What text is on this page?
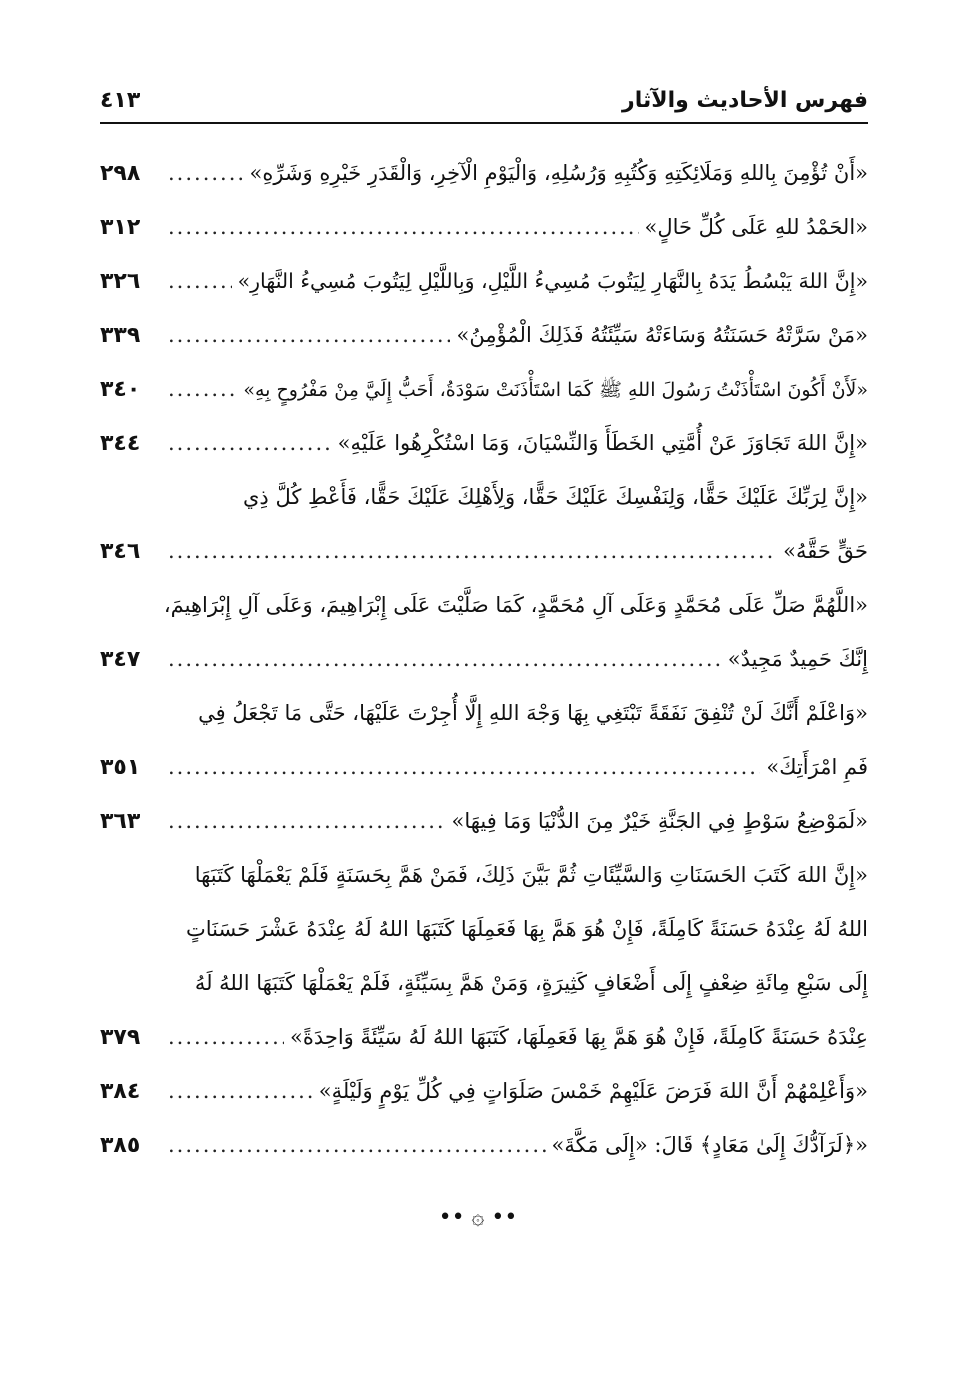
فهرس الأحاديث والآثار
٤١٣
«أَنْ تُؤْمِنَ بِاللهِ وَمَلَائِكَتِهِ وَكُتُبِهِ وَرُسُلِهِ، وَالْيَوْمِ الْآخِرِ، وَالْقَدَرِ خَيْرِهِ وَشَرِّهِ»
.....
٢٩٨
«الحَمْدُ للهِ عَلَى كُلِّ حَالٍ»
.....
٣١٢
«إِنَّ اللهَ يَبْسُطُ يَدَهُ بِالنَّهَارِ لِيَتُوبَ مُسِيءُ اللَّيْلِ، وَبِاللَّيْلِ لِيَتُوبَ مُسِيءُ النَّهَارِ»
.....
٣٢٦
«مَنْ سَرَّتْهُ حَسَنَتُهُ وَسَاءَتْهُ سَيِّئَتُهُ فَذَلِكَ الْمُؤْمِنُ»
.....
٣٣٩
«لَأَنْ أَكُونَ اسْتَأْذَنْتُ رَسُولَ اللهِ ﷺ كَمَا اسْتَأْذَنَتْ سَوْدَةُ، أَحَبُّ إِلَيَّ مِنْ مَفْرُوحٍ بِهِ»
.....
٣٤٠
«إِنَّ اللهَ تَجَاوَزَ عَنْ أُمَّتِي الخَطَأَ وَالنِّسْيَانَ، وَمَا اسْتُكْرِهُوا عَلَيْهِ»
.....
٣٤٤
«إِنَّ لِرَبِّكَ عَلَيْكَ حَقًّا، وَلِنَفْسِكَ عَلَيْكَ حَقًّا، وَلِأَهْلِكَ عَلَيْكَ حَقًّا، فَأَعْطِ كُلَّ ذِي
حَقٍّ حَقَّهُ»
.....
٣٤٦
«اللَّهُمَّ صَلِّ عَلَى مُحَمَّدٍ وَعَلَى آلِ مُحَمَّدٍ، كَمَا صَلَّيْتَ عَلَى إِبْرَاهِيمَ، وَعَلَى آلِ إِبْرَاهِيمَ،
إِنَّكَ حَمِيدٌ مَجِيدٌ»
.....
٣٤٧
«وَاعْلَمْ أَنَّكَ لَنْ تُنْفِقَ نَفَقَةً تَبْتَغِي بِهَا وَجْهَ اللهِ إِلَّا أُجِرْتَ عَلَيْهَا، حَتَّى مَا تَجْعَلُ فِي
فَمِ امْرَأَتِكَ»
.....
٣٥١
«لَمَوْضِعُ سَوْطٍ فِي الجَنَّةِ خَيْرٌ مِنَ الدُّنْيَا وَمَا فِيهَا»
.....
٣٦٣
«إِنَّ اللهَ كَتَبَ الحَسَنَاتِ وَالسَّيِّئَاتِ ثُمَّ بَيَّنَ ذَلِكَ، فَمَنْ هَمَّ بِحَسَنَةٍ فَلَمْ يَعْمَلْهَا كَتَبَهَا
اللهُ لَهُ عِنْدَهُ حَسَنَةً كَامِلَةً، فَإِنْ هُوَ هَمَّ بِهَا فَعَمِلَهَا كَتَبَهَا اللهُ لَهُ عِنْدَهُ عَشْرَ حَسَنَاتٍ
إِلَى سَبْعِ مِائَةِ ضِعْفٍ إِلَى أَضْعَافٍ كَثِيرَةٍ، وَمَنْ هَمَّ بِسَيِّئَةٍ، فَلَمْ يَعْمَلْهَا كَتَبَهَا اللهُ لَهُ
عِنْدَهُ حَسَنَةً كَامِلَةً، فَإِنْ هُوَ هَمَّ بِهَا فَعَمِلَهَا، كَتَبَهَا اللهُ لَهُ سَيِّئَةً وَاحِدَةً»
.....
٣٧٩
«وَأَعْلِمْهُمْ أَنَّ اللهَ فَرَضَ عَلَيْهِمْ خَمْسَ صَلَوَاتٍ فِي كُلِّ يَوْمٍ وَلَيْلَةٍ»
.....
٣٨٤
«﴿لَرَآدُّكَ إِلَىٰ مَعَادٍ﴾ قَالَ: «إِلَى مَكَّةَ»
.....
٣٨٥
•• ۞ ••
